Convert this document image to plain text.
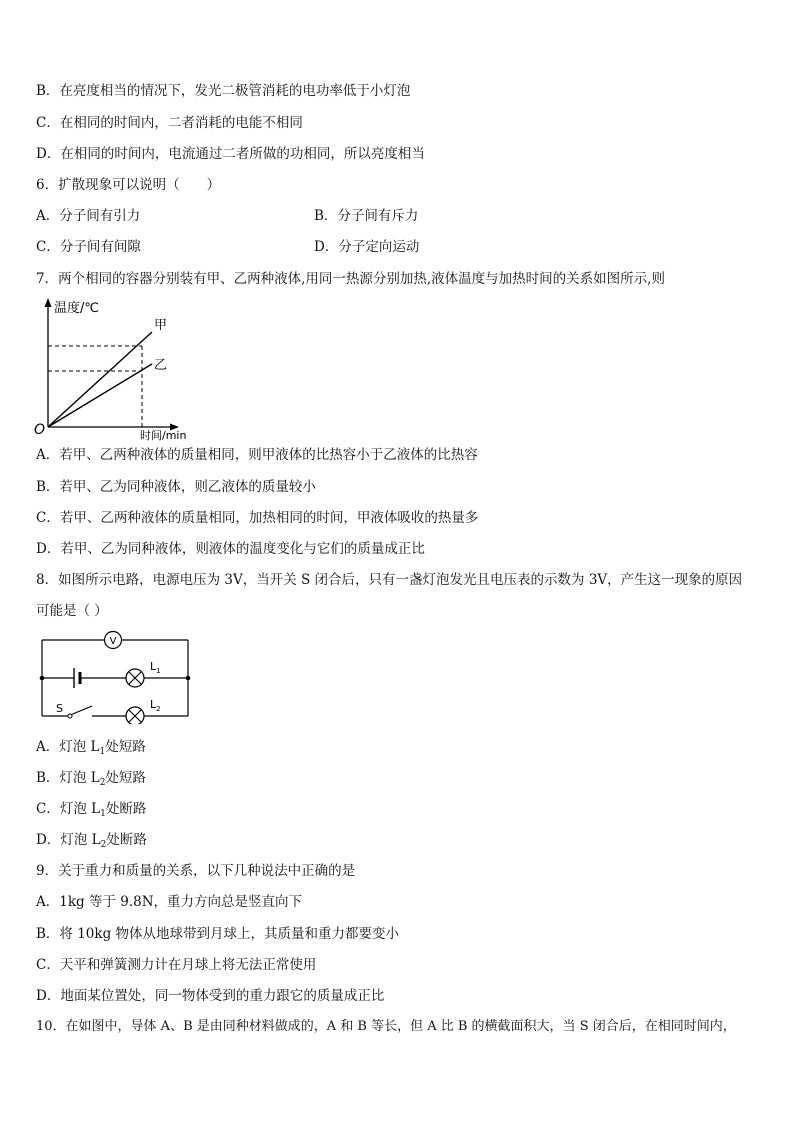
B．在亮度相当的情况下，发光二极管消耗的电功率低于小灯泡
C．在相同的时间内，二者消耗的电能不相同
D．在相同的时间内，电流通过二者所做的功相同，所以亮度相当
6．扩散现象可以说明（　　）
A．分子间有引力	B．分子间有斥力
C．分子间有间隙	D．分子定向运动
7．两个相同的容器分别装有甲、乙两种液体,用同一热源分别加热,液体温度与加热时间的关系如图所示,则
温度/℃
时间/min
O
甲
乙
A．若甲、乙两种液体的质量相同，则甲液体的比热容小于乙液体的比热容
B．若甲、乙为同种液体，则乙液体的质量较小
C．若甲、乙两种液体的质量相同，加热相同的时间，甲液体吸收的热量多
D．若甲、乙为同种液体，则液体的温度变化与它们的质量成正比
8．如图所示电路，电源电压为 3V，当开关 S 闭合后，只有一盏灯泡发光且电压表的示数为 3V，产生这一现象的原因
可能是（ ）
V
$L_1$
S	$L_2$
A．灯泡 $L_1$处短路
B．灯泡 $L_2$处短路
C．灯泡 $L_1$处断路
D．灯泡 $L_2$处断路
9．关于重力和质量的关系，以下几种说法中正确的是
A．1kg 等于 9.8N，重力方向总是竖直向下
B．将 10kg 物体从地球带到月球上，其质量和重力都要变小
C．天平和弹簧测力计在月球上将无法正常使用
D．地面某位置处，同一物体受到的重力跟它的质量成正比
10．在如图中，导体 A、B 是由同种材料做成的，A 和 B 等长，但 A 比 B 的横截面积大，当 S 闭合后，在相同时间内，
